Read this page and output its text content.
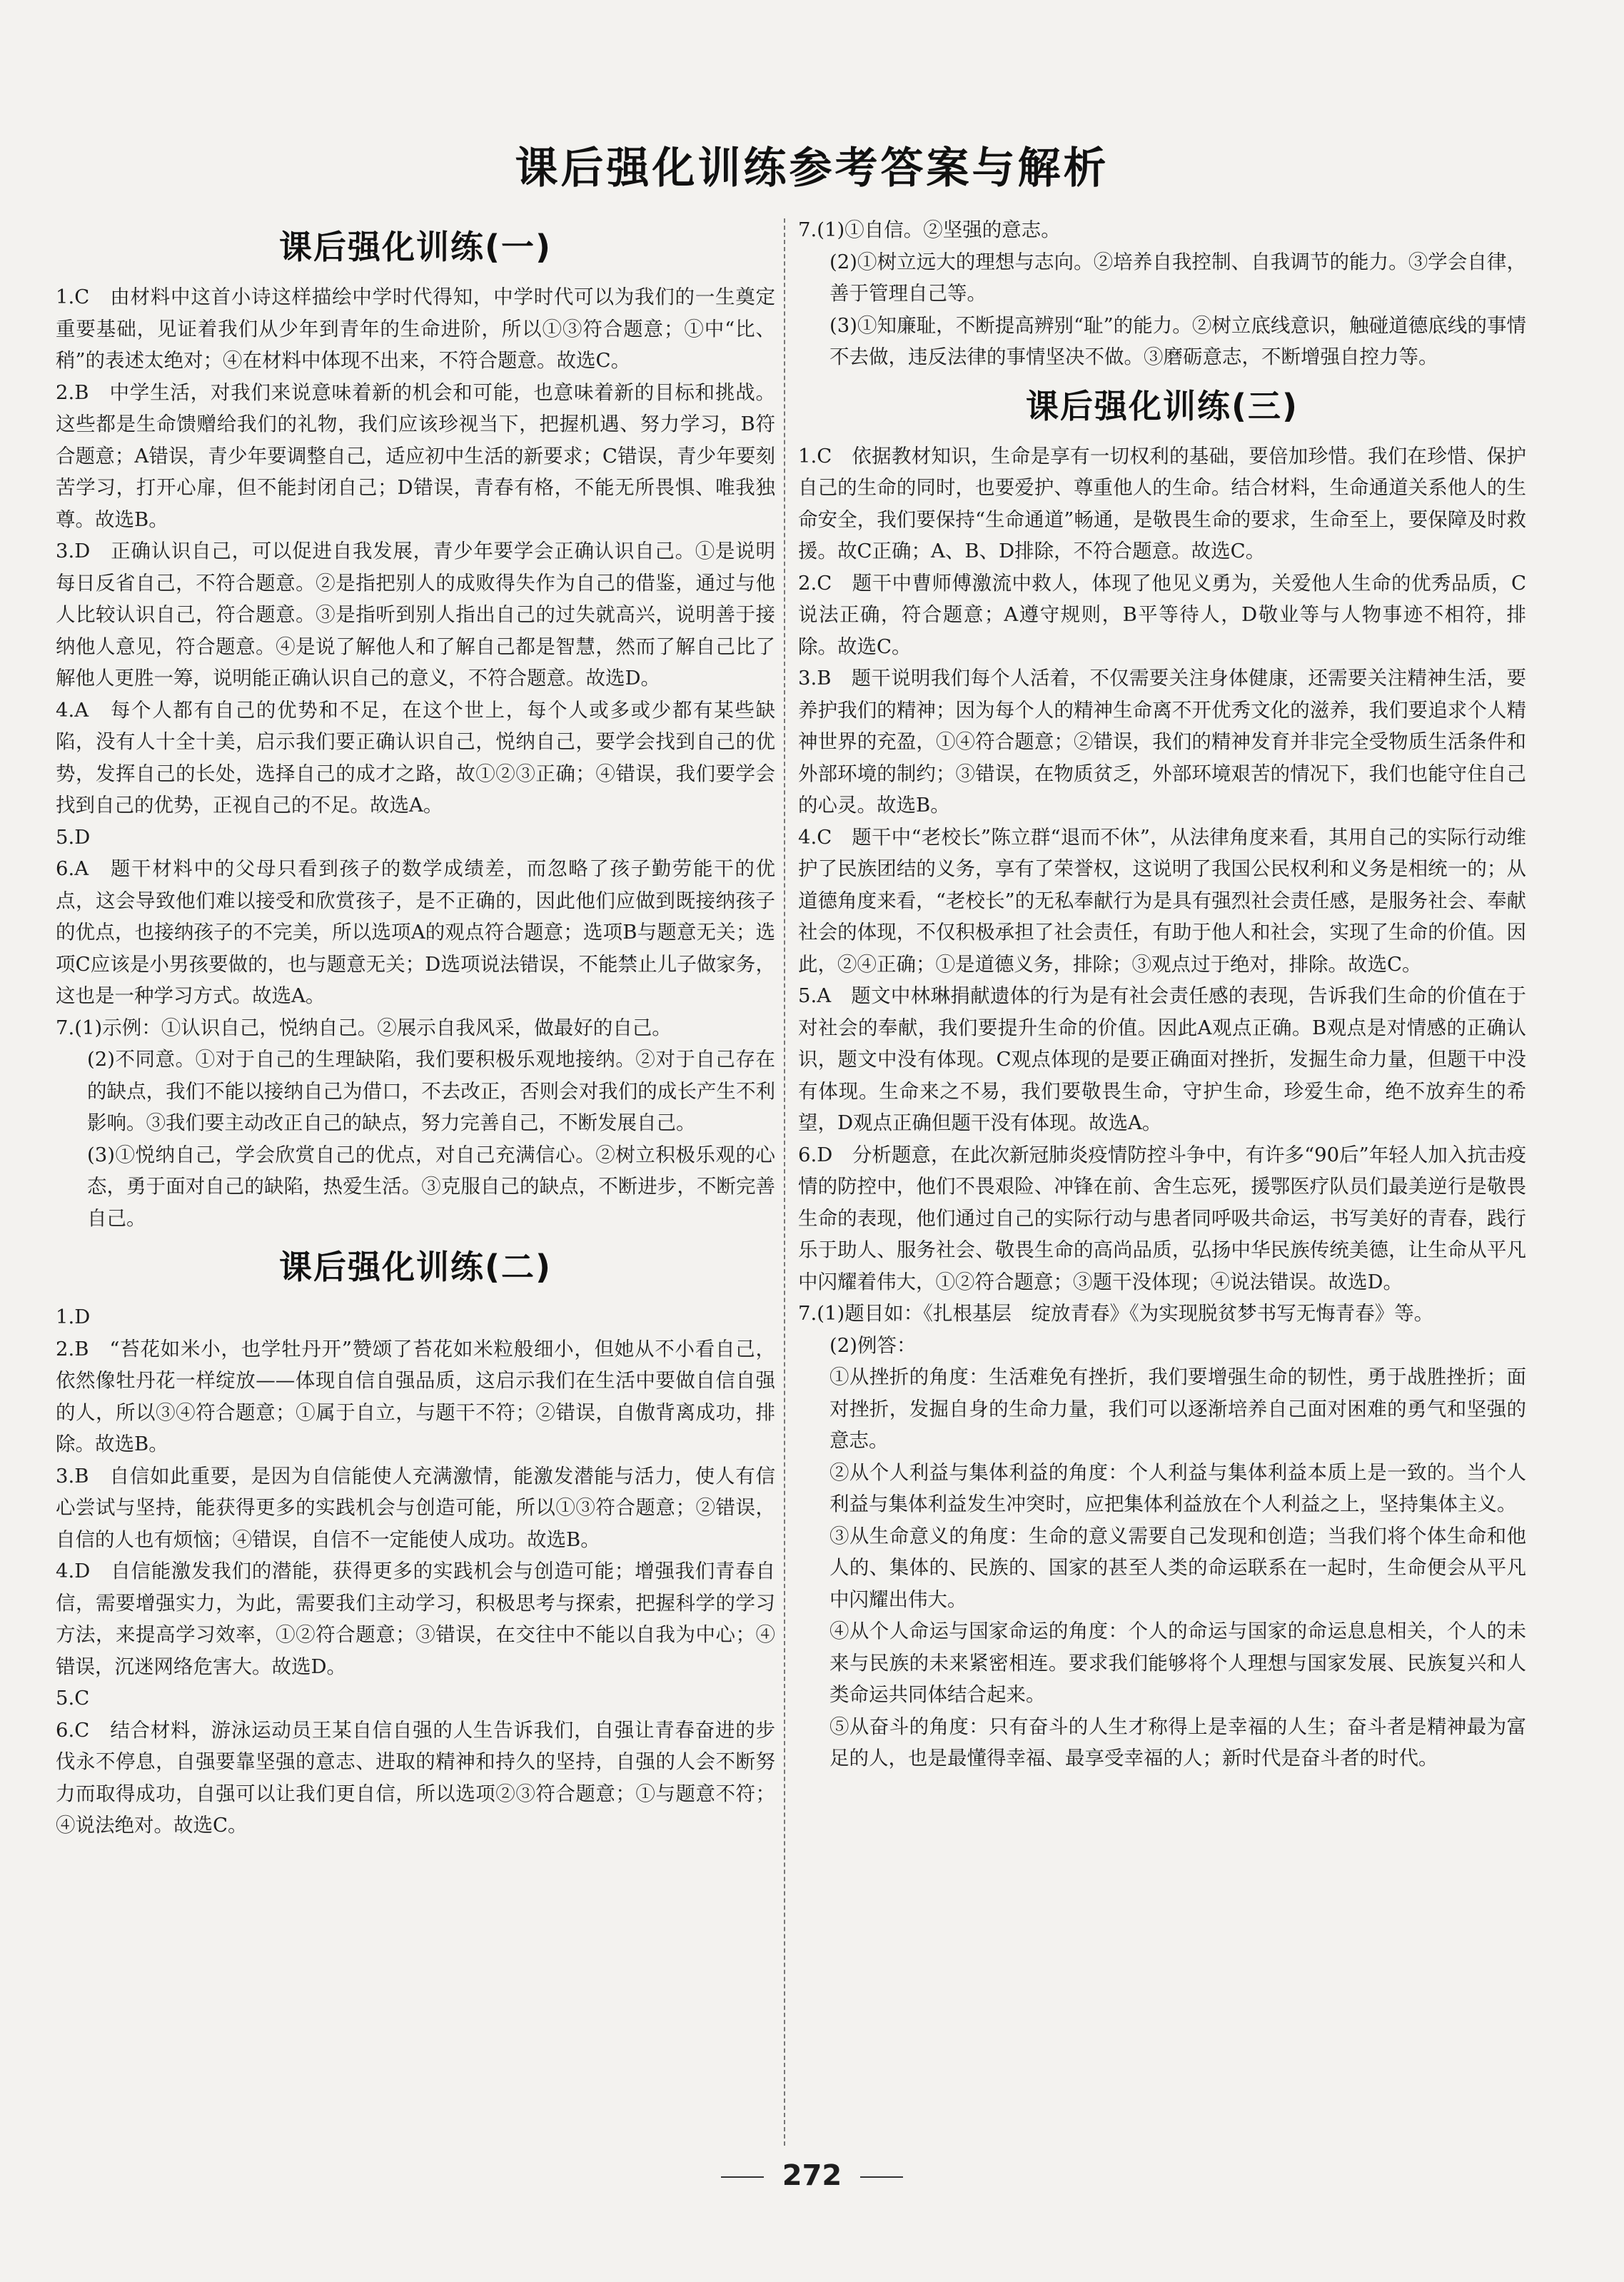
课后强化训练参考答案与解析
课后强化训练(一)

1.C　由材料中这首小诗这样描绘中学时代得知，中学时代可以为我们的一生奠定重要基础，见证着我们从少年到青年的生命进阶，所以①③符合题意；①中“比、稍”的表述太绝对；④在材料中体现不出来，不符合题意。故选C。

2.B　中学生活，对我们来说意味着新的机会和可能，也意味着新的目标和挑战。这些都是生命馈赠给我们的礼物，我们应该珍视当下，把握机遇、努力学习，B符合题意；A错误，青少年要调整自己，适应初中生活的新要求；C错误，青少年要刻苦学习，打开心扉，但不能封闭自己；D错误，青春有格，不能无所畏惧、唯我独尊。故选B。

3.D　正确认识自己，可以促进自我发展，青少年要学会正确认识自己。①是说明每日反省自己，不符合题意。②是指把别人的成败得失作为自己的借鉴，通过与他人比较认识自己，符合题意。③是指听到别人指出自己的过失就高兴，说明善于接纳他人意见，符合题意。④是说了解他人和了解自己都是智慧，然而了解自己比了解他人更胜一筹，说明能正确认识自己的意义，不符合题意。故选D。

4.A　每个人都有自己的优势和不足，在这个世上，每个人或多或少都有某些缺陷，没有人十全十美，启示我们要正确认识自己，悦纳自己，要学会找到自己的优势，发挥自己的长处，选择自己的成才之路，故①②③正确；④错误，我们要学会找到自己的优势，正视自己的不足。故选A。

5.D

6.A　题干材料中的父母只看到孩子的数学成绩差，而忽略了孩子勤劳能干的优点，这会导致他们难以接受和欣赏孩子，是不正确的，因此他们应做到既接纳孩子的优点，也接纳孩子的不完美，所以选项A的观点符合题意；选项B与题意无关；选项C应该是小男孩要做的，也与题意无关；D选项说法错误，不能禁止儿子做家务，这也是一种学习方式。故选A。

7.(1)示例：①认识自己，悦纳自己。②展示自我风采，做最好的自己。

(2)不同意。①对于自己的生理缺陷，我们要积极乐观地接纳。②对于自己存在的缺点，我们不能以接纳自己为借口，不去改正，否则会对我们的成长产生不利影响。③我们要主动改正自己的缺点，努力完善自己，不断发展自己。

(3)①悦纳自己，学会欣赏自己的优点，对自己充满信心。②树立积极乐观的心态，勇于面对自己的缺陷，热爱生活。③克服自己的缺点，不断进步，不断完善自己。

课后强化训练(二)

1.D

2.B　“苔花如米小，也学牡丹开”赞颂了苔花如米粒般细小，但她从不小看自己，依然像牡丹花一样绽放——体现自信自强品质，这启示我们在生活中要做自信自强的人，所以③④符合题意；①属于自立，与题干不符；②错误，自傲背离成功，排除。故选B。

3.B　自信如此重要，是因为自信能使人充满激情，能激发潜能与活力，使人有信心尝试与坚持，能获得更多的实践机会与创造可能，所以①③符合题意；②错误，自信的人也有烦恼；④错误，自信不一定能使人成功。故选B。

4.D　自信能激发我们的潜能，获得更多的实践机会与创造可能；增强我们青春自信，需要增强实力，为此，需要我们主动学习，积极思考与探索，把握科学的学习方法，来提高学习效率，①②符合题意；③错误，在交往中不能以自我为中心；④错误，沉迷网络危害大。故选D。

5.C

6.C　结合材料，游泳运动员王某自信自强的人生告诉我们，自强让青春奋进的步伐永不停息，自强要靠坚强的意志、进取的精神和持久的坚持，自强的人会不断努力而取得成功，自强可以让我们更自信，所以选项②③符合题意；①与题意不符；④说法绝对。故选C。

7.(1)①自信。②坚强的意志。

(2)①树立远大的理想与志向。②培养自我控制、自我调节的能力。③学会自律，善于管理自己等。

(3)①知廉耻，不断提高辨别“耻”的能力。②树立底线意识，触碰道德底线的事情不去做，违反法律的事情坚决不做。③磨砺意志，不断增强自控力等。

课后强化训练(三)

1.C　依据教材知识，生命是享有一切权利的基础，要倍加珍惜。我们在珍惜、保护自己的生命的同时，也要爱护、尊重他人的生命。结合材料，生命通道关系他人的生命安全，我们要保持“生命通道”畅通，是敬畏生命的要求，生命至上，要保障及时救援。故C正确；A、B、D排除，不符合题意。故选C。

2.C　题干中曹师傅激流中救人，体现了他见义勇为，关爱他人生命的优秀品质，C说法正确，符合题意；A遵守规则，B平等待人，D敬业等与人物事迹不相符，排除。故选C。

3.B　题干说明我们每个人活着，不仅需要关注身体健康，还需要关注精神生活，要养护我们的精神；因为每个人的精神生命离不开优秀文化的滋养，我们要追求个人精神世界的充盈，①④符合题意；②错误，我们的精神发育并非完全受物质生活条件和外部环境的制约；③错误，在物质贫乏，外部环境艰苦的情况下，我们也能守住自己的心灵。故选B。

4.C　题干中“老校长”陈立群“退而不休”，从法律角度来看，其用自己的实际行动维护了民族团结的义务，享有了荣誉权，这说明了我国公民权利和义务是相统一的；从道德角度来看，“老校长”的无私奉献行为是具有强烈社会责任感，是服务社会、奉献社会的体现，不仅积极承担了社会责任，有助于他人和社会，实现了生命的价值。因此，②④正确；①是道德义务，排除；③观点过于绝对，排除。故选C。

5.A　题文中林琳捐献遗体的行为是有社会责任感的表现，告诉我们生命的价值在于对社会的奉献，我们要提升生命的价值。因此A观点正确。B观点是对情感的正确认识，题文中没有体现。C观点体现的是要正确面对挫折，发掘生命力量，但题干中没有体现。生命来之不易，我们要敬畏生命，守护生命，珍爱生命，绝不放弃生的希望，D观点正确但题干没有体现。故选A。

6.D　分析题意，在此次新冠肺炎疫情防控斗争中，有许多“90后”年轻人加入抗击疫情的防控中，他们不畏艰险、冲锋在前、舍生忘死，援鄂医疗队员们最美逆行是敬畏生命的表现，他们通过自己的实际行动与患者同呼吸共命运，书写美好的青春，践行乐于助人、服务社会、敬畏生命的高尚品质，弘扬中华民族传统美德，让生命从平凡中闪耀着伟大，①②符合题意；③题干没体现；④说法错误。故选D。

7.(1)题目如：《扎根基层　绽放青春》《为实现脱贫梦书写无悔青春》等。

(2)例答：

①从挫折的角度：生活难免有挫折，我们要增强生命的韧性，勇于战胜挫折；面对挫折，发掘自身的生命力量，我们可以逐渐培养自己面对困难的勇气和坚强的意志。

②从个人利益与集体利益的角度：个人利益与集体利益本质上是一致的。当个人利益与集体利益发生冲突时，应把集体利益放在个人利益之上，坚持集体主义。

③从生命意义的角度：生命的意义需要自己发现和创造；当我们将个体生命和他人的、集体的、民族的、国家的甚至人类的命运联系在一起时，生命便会从平凡中闪耀出伟大。

④从个人命运与国家命运的角度：个人的命运与国家的命运息息相关，个人的未来与民族的未来紧密相连。要求我们能够将个人理想与国家发展、民族复兴和人类命运共同体结合起来。

⑤从奋斗的角度：只有奋斗的人生才称得上是幸福的人生；奋斗者是精神最为富足的人，也是最懂得幸福、最享受幸福的人；新时代是奋斗者的时代。

272
